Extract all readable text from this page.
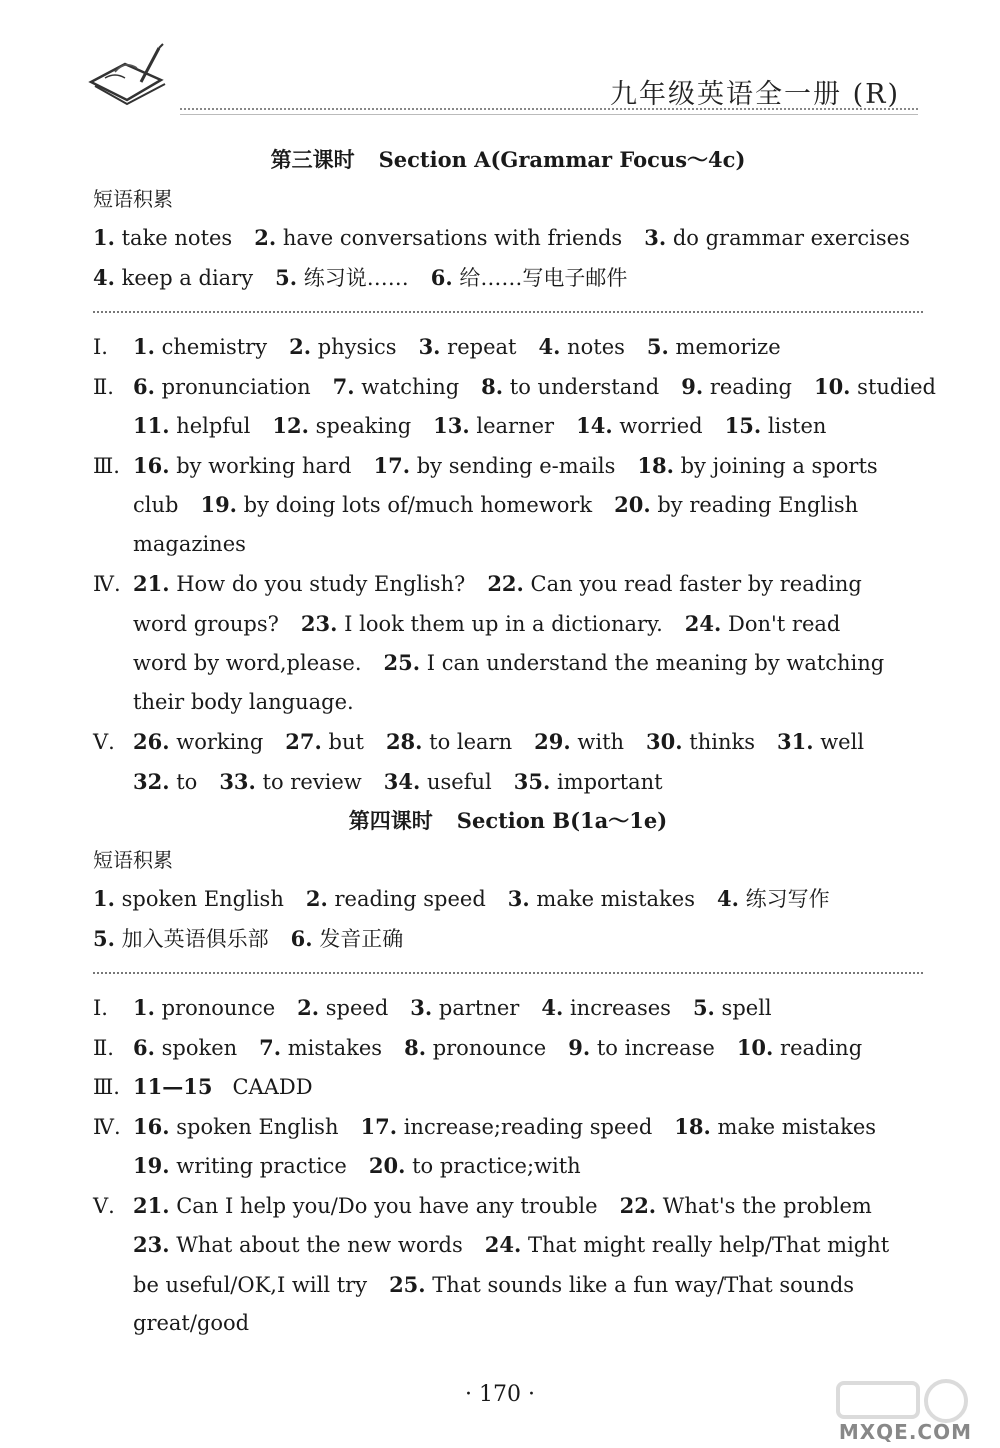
九年级英语全一册 (R)
第三课时 Section A(Grammar Focus～4c)
短语积累
1. take notes 2. have conversations with friends 3. do grammar exercises
4. keep a diary 5. 练习说…… 6. 给……写电子邮件
Ⅰ. 1. chemistry 2. physics 3. repeat 4. notes 5. memorize
Ⅱ. 6. pronunciation 7. watching 8. to understand 9. reading 10. studied
11. helpful 12. speaking 13. learner 14. worried 15. listen
Ⅲ. 16. by working hard 17. by sending e-mails 18. by joining a sports
club 19. by doing lots of/much homework 20. by reading English
magazines
Ⅳ. 21. How do you study English? 22. Can you read faster by reading
word groups? 23. I look them up in a dictionary. 24. Don't read
word by word,please. 25. I can understand the meaning by watching
their body language.
Ⅴ. 26. working 27. but 28. to learn 29. with 30. thinks 31. well
32. to 33. to review 34. useful 35. important
第四课时 Section B(1a～1e)
短语积累
1. spoken English 2. reading speed 3. make mistakes 4. 练习写作
5. 加入英语俱乐部 6. 发音正确
Ⅰ. 1. pronounce 2. speed 3. partner 4. increases 5. spell
Ⅱ. 6. spoken 7. mistakes 8. pronounce 9. to increase 10. reading
Ⅲ. 11—15   CAADD
Ⅳ. 16. spoken English 17. increase;reading speed 18. make mistakes
19. writing practice 20. to practice;with
Ⅴ. 21. Can I help you/Do you have any trouble 22. What's the problem
23. What about the new words 24. That might really help/That might
be useful/OK,I will try 25. That sounds like a fun way/That sounds
great/good
· 170 ·
MXQE.COM
